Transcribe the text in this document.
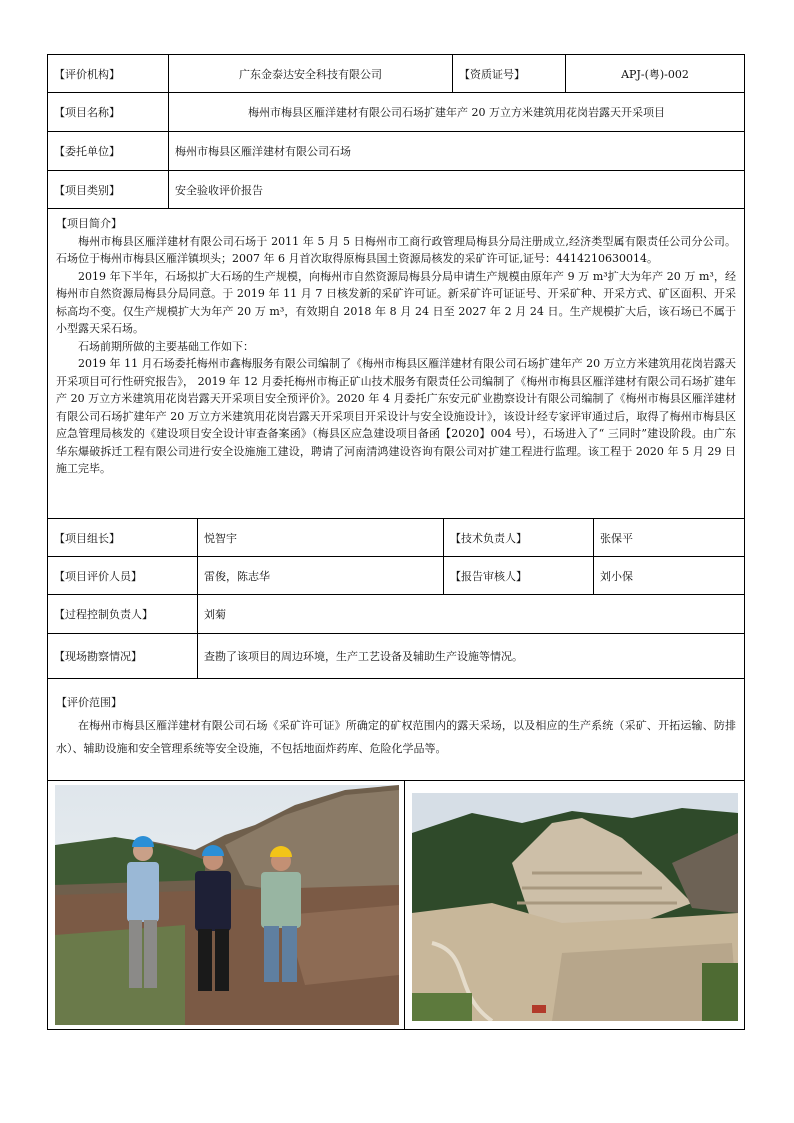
【评价机构】	广东金泰达安全科技有限公司	【资质证号】	APJ-(粤)-002
【项目名称】	梅州市梅县区雁洋建材有限公司石场扩建年产 20 万立方米建筑用花岗岩露天开采项目
【委托单位】	梅州市梅县区雁洋建材有限公司石场
【项目类别】	安全验收评价报告

【项目简介】

梅州市梅县区雁洋建材有限公司石场于 2011 年 5 月 5 日梅州市工商行政管理局梅县分局注册成立,经济类型属有限责任公司分公司。石场位于梅州市梅县区雁洋镇坝头；2007 年 6 月首次取得原梅县国土资源局核发的采矿许可证,证号：4414210630014。

2019 年下半年，石场拟扩大石场的生产规模，向梅州市自然资源局梅县分局申请生产规模由原年产 9 万 m³扩大为年产 20 万 m³，经梅州市自然资源局梅县分局同意。于 2019 年 11 月 7 日核发新的采矿许可证。新采矿许可证证号、开采矿种、开采方式、矿区面积、开采标高均不变。仅生产规模扩大为年产 20 万 m³，有效期自 2018 年 8 月 24 日至 2027 年 2 月 24 日。生产规模扩大后，该石场已不属于小型露天采石场。

石场前期所做的主要基础工作如下：

2019 年 11 月石场委托梅州市鑫梅服务有限公司编制了《梅州市梅县区雁洋建材有限公司石场扩建年产 20 万立方米建筑用花岗岩露天开采项目可行性研究报告》， 2019 年 12 月委托梅州市梅正矿山技术服务有限责任公司编制了《梅州市梅县区雁洋建材有限公司石场扩建年产 20 万立方米建筑用花岗岩露天开采项目安全预评价》。2020 年 4 月委托广东安元矿业勘察设计有限公司编制了《梅州市梅县区雁洋建材有限公司石场扩建年产 20 万立方米建筑用花岗岩露天开采项目开采设计与安全设施设计》，该设计经专家评审通过后，取得了梅州市梅县区应急管理局核发的《建设项目安全设计审查备案函》（梅县区应急建设项目备函【2020】004 号），石场进入了“ 三同时”建设阶段。由广东华东爆破拆迁工程有限公司进行安全设施施工建设，聘请了河南清鸿建设咨询有限公司对扩建工程进行监理。该工程于 2020 年 5 月 29 日施工完毕。

【项目组长】	悦智宇	【技术负责人】	张保平
【项目评价人员】	雷俊，陈志华	【报告审核人】	刘小保
【过程控制负责人】	刘菊
【现场勘察情况】	查勘了该项目的周边环境，生产工艺设备及辅助生产设施等情况。

【评价范围】

在梅州市梅县区雁洋建材有限公司石场《采矿许可证》所确定的矿权范围内的露天采场，以及相应的生产系统（采矿、开拓运输、防排水）、辅助设施和安全管理系统等安全设施，不包括地面炸药库、危险化学品等。
